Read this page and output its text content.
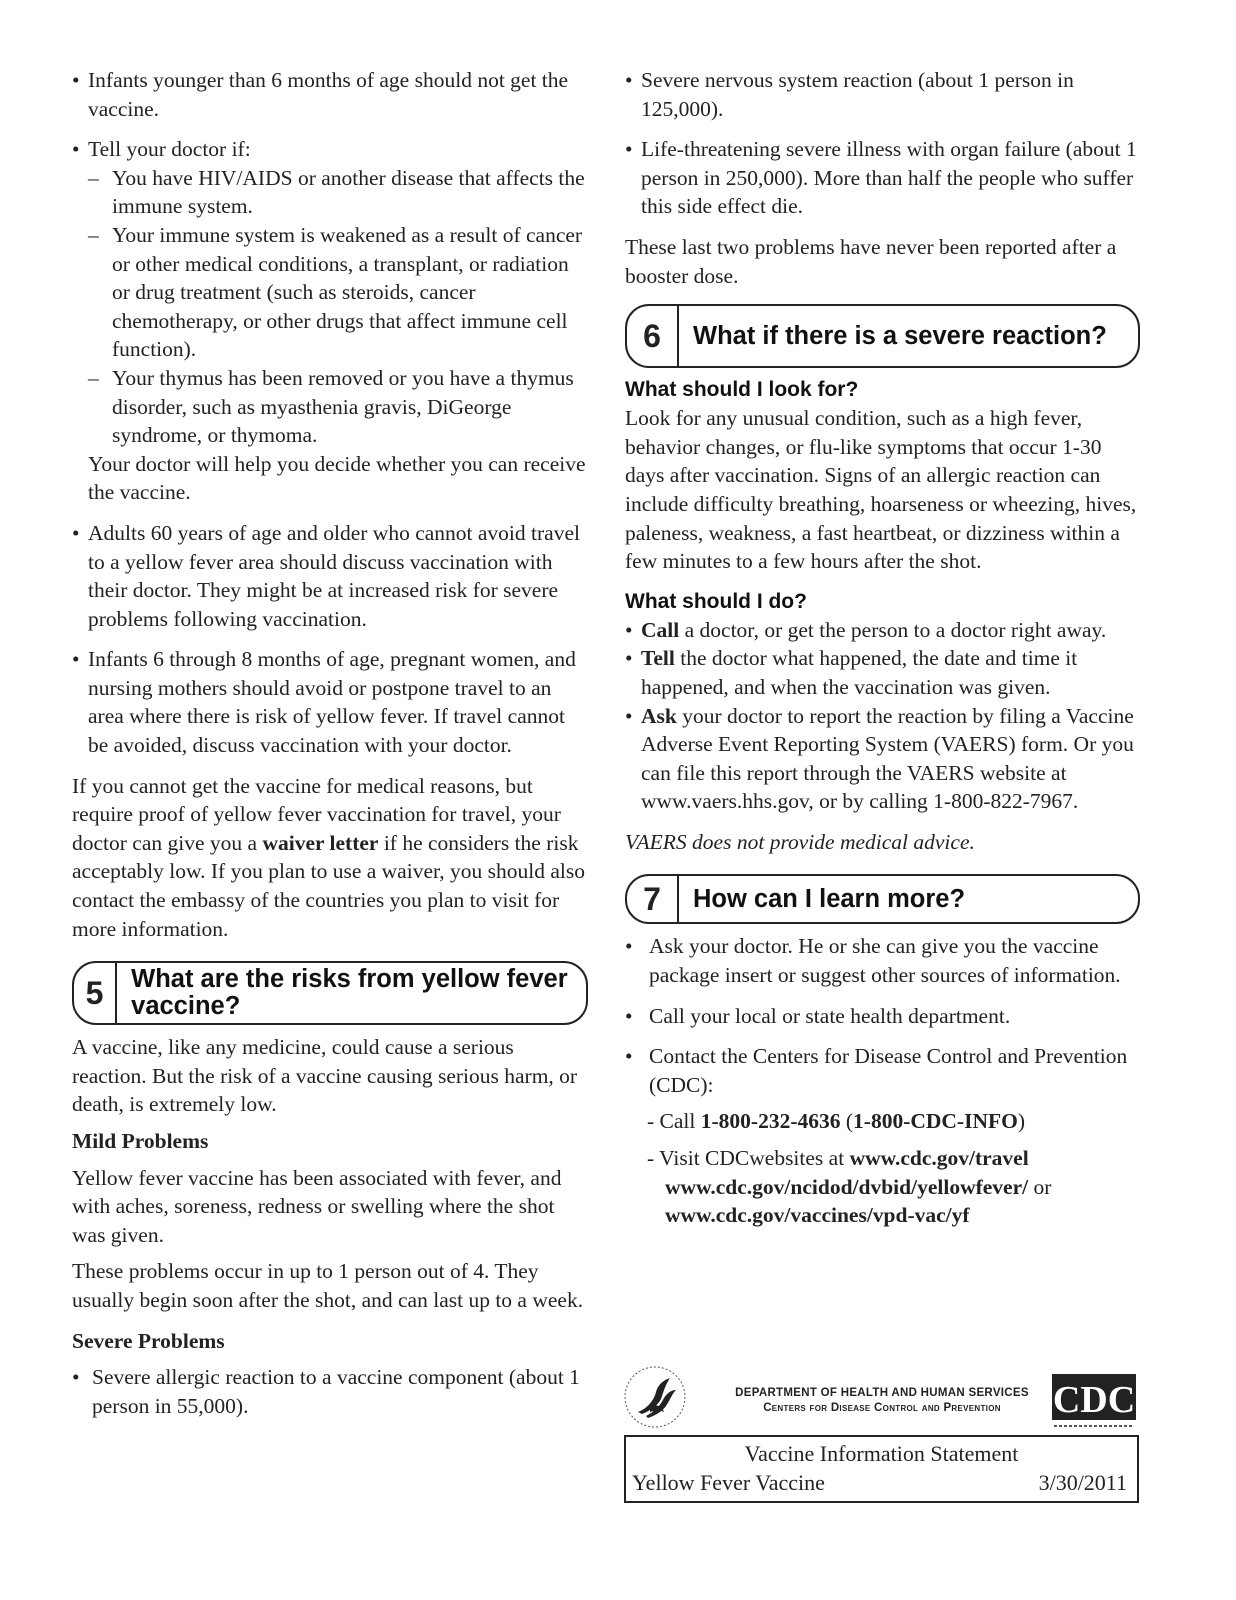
• Infants younger than 6 months of age should not get the vaccine.

• Tell your doctor if:

– You have HIV/AIDS or another disease that affects the immune system.

– Your immune system is weakened as a result of cancer or other medical conditions, a transplant, or radiation or drug treatment (such as steroids, cancer chemotherapy, or other drugs that affect immune cell function).

– Your thymus has been removed or you have a thymus disorder, such as myasthenia gravis, DiGeorge syndrome, or thymoma.

Your doctor will help you decide whether you can receive the vaccine.

• Adults 60 years of age and older who cannot avoid travel to a yellow fever area should discuss vaccination with their doctor. They might be at increased risk for severe problems following vaccination.

• Infants 6 through 8 months of age, pregnant women, and nursing mothers should avoid or postpone travel to an area where there is risk of yellow fever. If travel cannot be avoided, discuss vaccination with your doctor.

If you cannot get the vaccine for medical reasons, but require proof of yellow fever vaccination for travel, your doctor can give you a waiver letter if he considers the risk acceptably low. If you plan to use a waiver, you should also contact the embassy of the countries you plan to visit for more information.

5	What are the risks from yellow fever vaccine?

A vaccine, like any medicine, could cause a serious reaction. But the risk of a vaccine causing serious harm, or death, is extremely low.

Mild Problems

Yellow fever vaccine has been associated with fever, and with aches, soreness, redness or swelling where the shot was given.

These problems occur in up to 1 person out of 4. They usually begin soon after the shot, and can last up to a week.

Severe Problems

• Severe allergic reaction to a vaccine component (about 1 person in 55,000).

• Severe nervous system reaction (about 1 person in 125,000).

• Life-threatening severe illness with organ failure (about 1 person in 250,000). More than half the people who suffer this side effect die.

These last two problems have never been reported after a booster dose.

6	What if there is a severe reaction?

What should I look for?

Look for any unusual condition, such as a high fever, behavior changes, or flu-like symptoms that occur 1-30 days after vaccination. Signs of an allergic reaction can include difficulty breathing, hoarseness or wheezing, hives, paleness, weakness, a fast heartbeat, or dizziness within a few minutes to a few hours after the shot.

What should I do?

• Call a doctor, or get the person to a doctor right away.

• Tell the doctor what happened, the date and time it happened, and when the vaccination was given.

• Ask your doctor to report the reaction by filing a Vaccine Adverse Event Reporting System (VAERS) form. Or you can file this report through the VAERS website at www.vaers.hhs.gov, or by calling 1-800-822-7967.

VAERS does not provide medical advice.

7	How can I learn more?

• Ask your doctor. He or she can give you the vaccine package insert or suggest other sources of information.

• Call your local or state health department.

• Contact the Centers for Disease Control and Prevention (CDC):

- Call 1-800-232-4636 (1-800-CDC-INFO)

- Visit CDCwebsites at www.cdc.gov/travel
www.cdc.gov/ncidod/dvbid/yellowfever/ or
www.cdc.gov/vaccines/vpd-vac/yf

DEPARTMENT OF HEALTH AND HUMAN SERVICES
Centers for Disease Control and Prevention	CDC
Vaccine Information Statement
Yellow Fever Vaccine	3/30/2011
